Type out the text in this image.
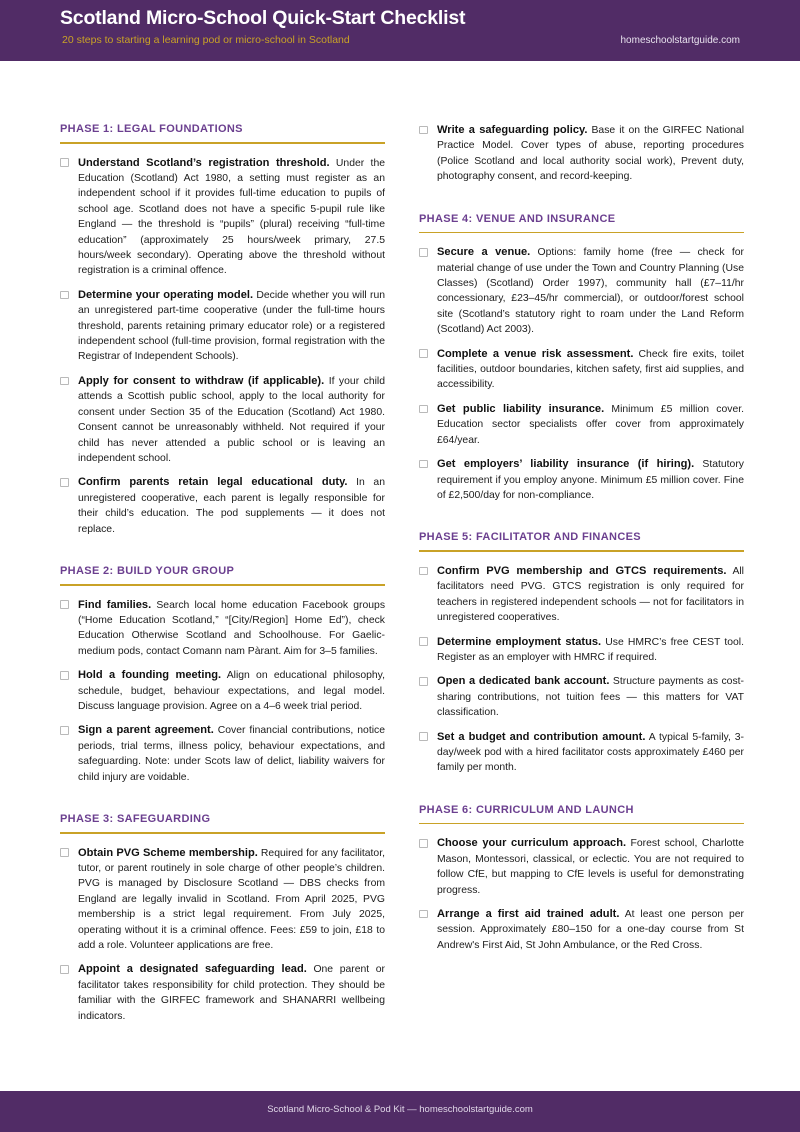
Scotland Micro-School Quick-Start Checklist
20 steps to starting a learning pod or micro-school in Scotland	homeschoolstartguide.com
PHASE 1: LEGAL FOUNDATIONS
Understand Scotland’s registration threshold. Under the Education (Scotland) Act 1980, a setting must register as an independent school if it provides full-time education to pupils of school age. Scotland does not have a specific 5-pupil rule like England — the threshold is “pupils” (plural) receiving “full-time education” (approximately 25 hours/week primary, 27.5 hours/week secondary). Operating above the threshold without registration is a criminal offence.
Determine your operating model. Decide whether you will run an unregistered part-time cooperative (under the full-time hours threshold, parents retaining primary educator role) or a registered independent school (full-time provision, formal registration with the Registrar of Independent Schools).
Apply for consent to withdraw (if applicable). If your child attends a Scottish public school, apply to the local authority for consent under Section 35 of the Education (Scotland) Act 1980. Consent cannot be unreasonably withheld. Not required if your child has never attended a public school or is leaving an independent school.
Confirm parents retain legal educational duty. In an unregistered cooperative, each parent is legally responsible for their child’s education. The pod supplements — it does not replace.
PHASE 2: BUILD YOUR GROUP
Find families. Search local home education Facebook groups (“Home Education Scotland,” “[City/Region] Home Ed”), check Education Otherwise Scotland and Schoolhouse. For Gaelic-medium pods, contact Comann nam Pàrant. Aim for 3–5 families.
Hold a founding meeting. Align on educational philosophy, schedule, budget, behaviour expectations, and legal model. Discuss language provision. Agree on a 4–6 week trial period.
Sign a parent agreement. Cover financial contributions, notice periods, trial terms, illness policy, behaviour expectations, and safeguarding. Note: under Scots law of delict, liability waivers for child injury are voidable.
PHASE 3: SAFEGUARDING
Obtain PVG Scheme membership. Required for any facilitator, tutor, or parent routinely in sole charge of other people’s children. PVG is managed by Disclosure Scotland — DBS checks from England are legally invalid in Scotland. From April 2025, PVG membership is a strict legal requirement. From July 2025, operating without it is a criminal offence. Fees: £59 to join, £18 to add a role. Volunteer applications are free.
Appoint a designated safeguarding lead. One parent or facilitator takes responsibility for child protection. They should be familiar with the GIRFEC framework and SHANARRI wellbeing indicators.
Write a safeguarding policy. Base it on the GIRFEC National Practice Model. Cover types of abuse, reporting procedures (Police Scotland and local authority social work), Prevent duty, photography consent, and record-keeping.
PHASE 4: VENUE AND INSURANCE
Secure a venue. Options: family home (free — check for material change of use under the Town and Country Planning (Use Classes) (Scotland) Order 1997), community hall (£7–11/hr concessionary, £23–45/hr commercial), or outdoor/forest school site (Scotland’s statutory right to roam under the Land Reform (Scotland) Act 2003).
Complete a venue risk assessment. Check fire exits, toilet facilities, outdoor boundaries, kitchen safety, first aid supplies, and accessibility.
Get public liability insurance. Minimum £5 million cover. Education sector specialists offer cover from approximately £64/year.
Get employers’ liability insurance (if hiring). Statutory requirement if you employ anyone. Minimum £5 million cover. Fine of £2,500/day for non-compliance.
PHASE 5: FACILITATOR AND FINANCES
Confirm PVG membership and GTCS requirements. All facilitators need PVG. GTCS registration is only required for teachers in registered independent schools — not for facilitators in unregistered cooperatives.
Determine employment status. Use HMRC’s free CEST tool. Register as an employer with HMRC if required.
Open a dedicated bank account. Structure payments as cost-sharing contributions, not tuition fees — this matters for VAT classification.
Set a budget and contribution amount. A typical 5-family, 3-day/week pod with a hired facilitator costs approximately £460 per family per month.
PHASE 6: CURRICULUM AND LAUNCH
Choose your curriculum approach. Forest school, Charlotte Mason, Montessori, classical, or eclectic. You are not required to follow CfE, but mapping to CfE levels is useful for demonstrating progress.
Arrange a first aid trained adult. At least one person per session. Approximately £80–150 for a one-day course from St Andrew's First Aid, St John Ambulance, or the Red Cross.
Scotland Micro-School & Pod Kit — homeschoolstartguide.com
